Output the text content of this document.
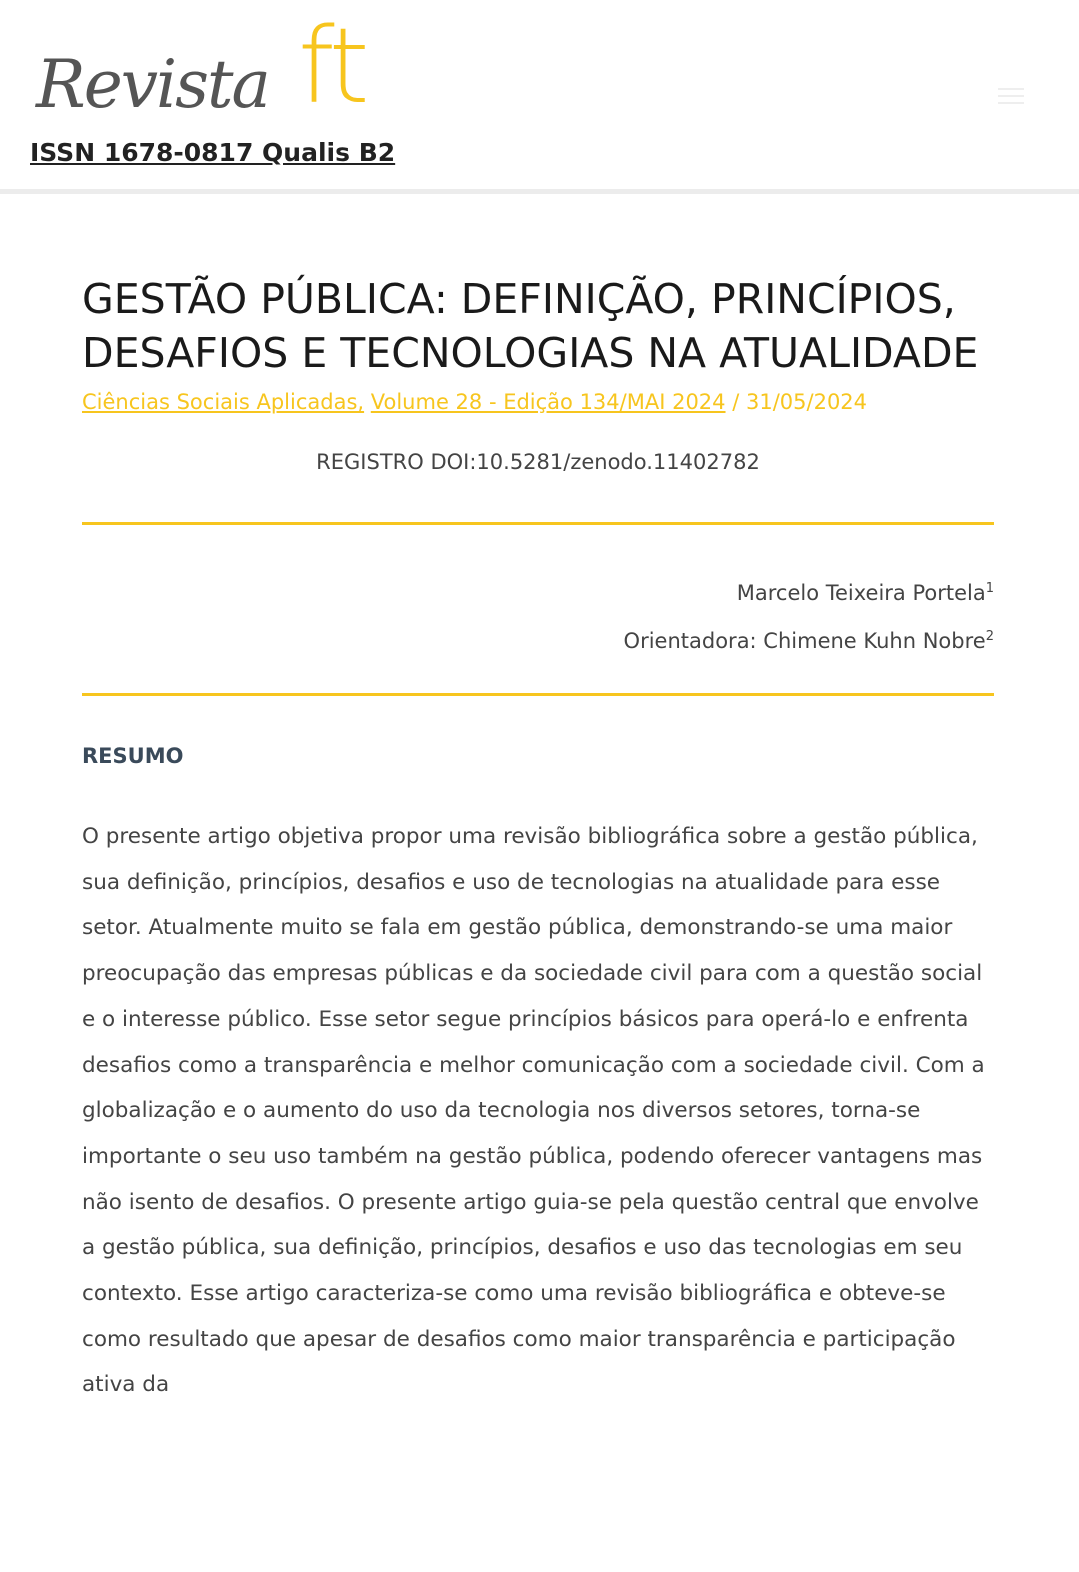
Revista ft
ISSN 1678-0817 Qualis B2
GESTÃO PÚBLICA: DEFINIÇÃO, PRINCÍPIOS, DESAFIOS E TECNOLOGIAS NA ATUALIDADE
Ciências Sociais Aplicadas, Volume 28 - Edição 134/MAI 2024 / 31/05/2024
REGISTRO DOI:10.5281/zenodo.11402782
Marcelo Teixeira Portela$^1$
Orientadora: Chimene Kuhn Nobre$^2$
RESUMO
O presente artigo objetiva propor uma revisão bibliográfica sobre a gestão pública, sua definição, princípios, desafios e uso de tecnologias na atualidade para esse setor. Atualmente muito se fala em gestão pública, demonstrando-se uma maior preocupação das empresas públicas e da sociedade civil para com a questão social e o interesse público. Esse setor segue princípios básicos para operá-lo e enfrenta desafios como a transparência e melhor comunicação com a sociedade civil. Com a globalização e o aumento do uso da tecnologia nos diversos setores, torna-se importante o seu uso também na gestão pública, podendo oferecer vantagens mas não isento de desafios. O presente artigo guia-se pela questão central que envolve a gestão pública, sua definição, princípios, desafios e uso das tecnologias em seu contexto. Esse artigo caracteriza-se como uma revisão bibliográfica e obteve-se como resultado que apesar de desafios como maior transparência e participação ativa da
